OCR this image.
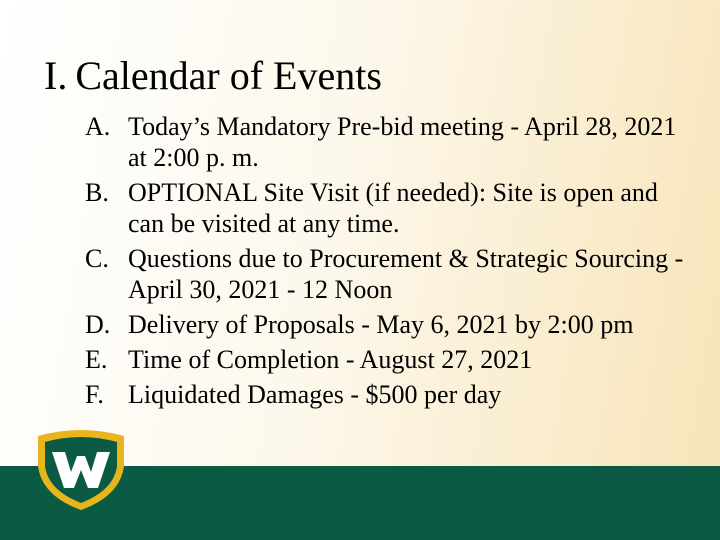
I. Calendar of Events
A. Today’s Mandatory Pre-bid meeting - April 28, 2021 at 2:00 p. m.
B. OPTIONAL Site Visit (if needed): Site is open and can be visited at any time.
C. Questions due to Procurement & Strategic Sourcing - April 30, 2021 - 12 Noon
D. Delivery of Proposals - May 6, 2021 by 2:00 pm
E. Time of Completion - August 27, 2021
F. Liquidated Damages - $500 per day
